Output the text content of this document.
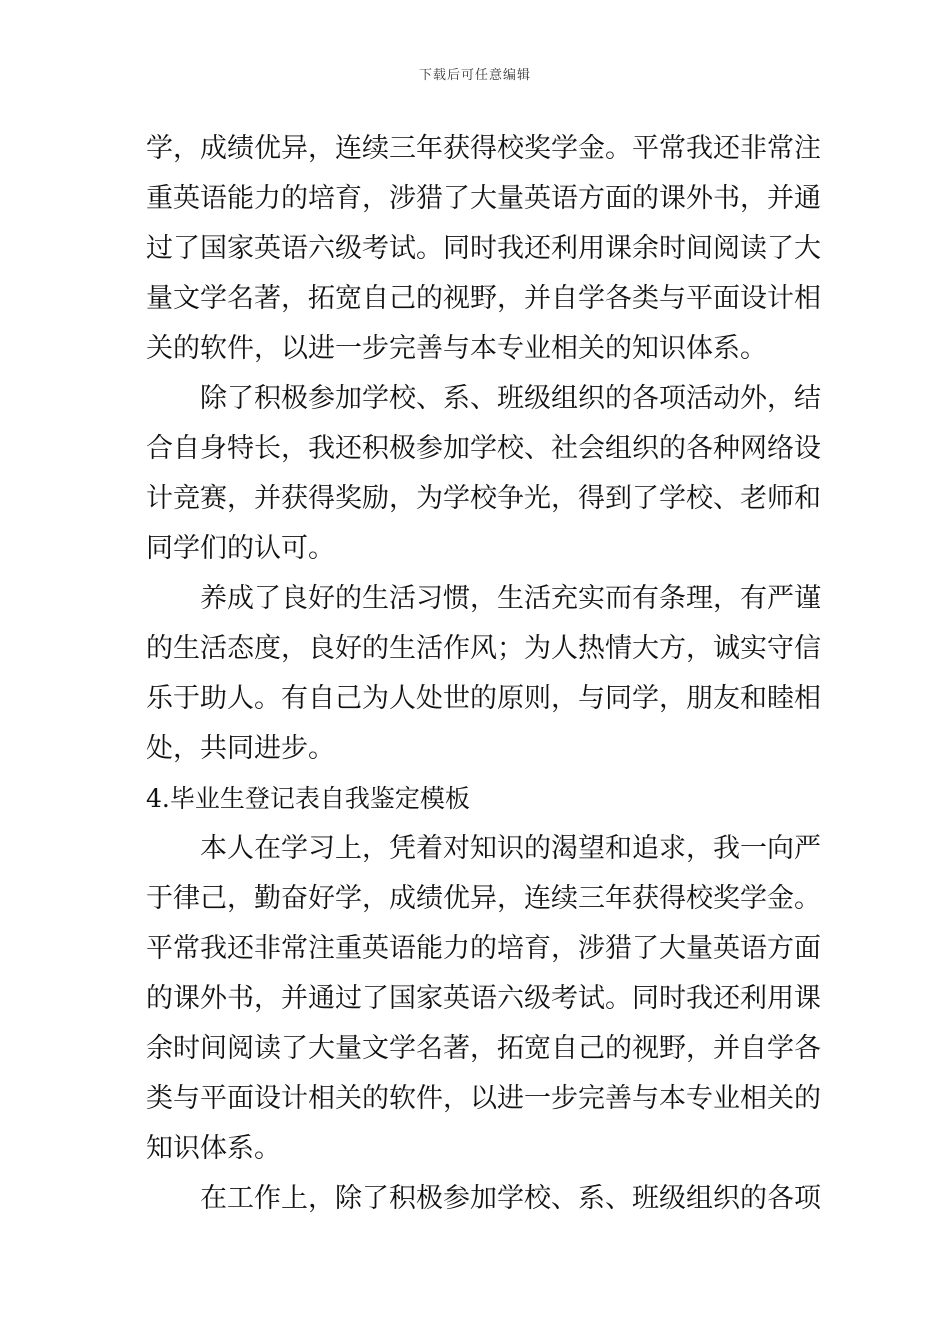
下载后可任意编辑
学，成绩优异，连续三年获得校奖学金。平常我还非常注
重英语能力的培育，涉猎了大量英语方面的课外书，并通
过了国家英语六级考试。同时我还利用课余时间阅读了大
量文学名著，拓宽自己的视野，并自学各类与平面设计相
关的软件，以进一步完善与本专业相关的知识体系。
除了积极参加学校、系、班级组织的各项活动外，结
合自身特长，我还积极参加学校、社会组织的各种网络设
计竞赛，并获得奖励，为学校争光，得到了学校、老师和
同学们的认可。
养成了良好的生活习惯，生活充实而有条理，有严谨
的生活态度，良好的生活作风；为人热情大方，诚实守信
乐于助人。有自己为人处世的原则，与同学，朋友和睦相
处，共同进步。
4.毕业生登记表自我鉴定模板
本人在学习上，凭着对知识的渴望和追求，我一向严
于律己，勤奋好学，成绩优异，连续三年获得校奖学金。
平常我还非常注重英语能力的培育，涉猎了大量英语方面
的课外书，并通过了国家英语六级考试。同时我还利用课
余时间阅读了大量文学名著，拓宽自己的视野，并自学各
类与平面设计相关的软件，以进一步完善与本专业相关的
知识体系。
在工作上，除了积极参加学校、系、班级组织的各项
